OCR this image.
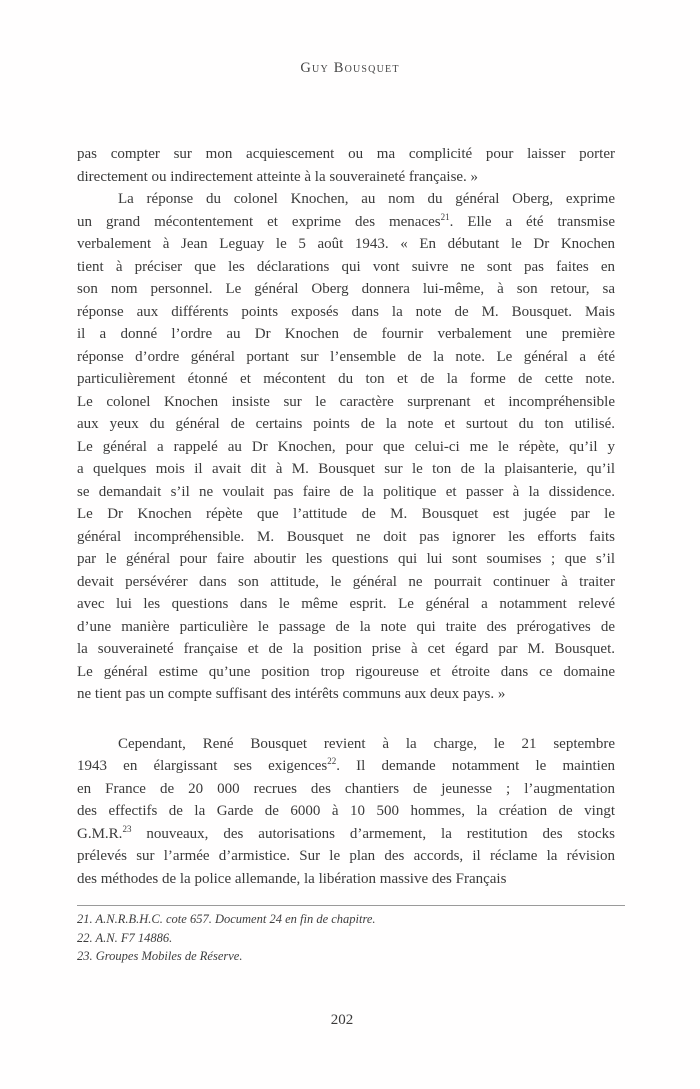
Guy Bousquet
pas compter sur mon acquiescement ou ma complicité pour laisser porter
directement ou indirectement atteinte à la souveraineté française. »
La réponse du colonel Knochen, au nom du général Oberg, exprime
un grand mécontentement et exprime des menaces$^{21}$. Elle a été transmise
verbalement à Jean Leguay le 5 août 1943. « En débutant le Dr Knochen
tient à préciser que les déclarations qui vont suivre ne sont pas faites en
son nom personnel. Le général Oberg donnera lui-même, à son retour, sa
réponse aux différents points exposés dans la note de M. Bousquet. Mais
il a donné l’ordre au Dr Knochen de fournir verbalement une première
réponse d’ordre général portant sur l’ensemble de la note. Le général a été
particulièrement étonné et mécontent du ton et de la forme de cette note.
Le colonel Knochen insiste sur le caractère surprenant et incompréhensible
aux yeux du général de certains points de la note et surtout du ton utilisé.
Le général a rappelé au Dr Knochen, pour que celui-ci me le répète, qu’il y
a quelques mois il avait dit à M. Bousquet sur le ton de la plaisanterie, qu’il
se demandait s’il ne voulait pas faire de la politique et passer à la dissidence.
Le Dr Knochen répète que l’attitude de M. Bousquet est jugée par le
général incompréhensible. M. Bousquet ne doit pas ignorer les efforts faits
par le général pour faire aboutir les questions qui lui sont soumises ; que s’il
devait persévérer dans son attitude, le général ne pourrait continuer à traiter
avec lui les questions dans le même esprit. Le général a notamment relevé
d’une manière particulière le passage de la note qui traite des prérogatives de
la souveraineté française et de la position prise à cet égard par M. Bousquet.
Le général estime qu’une position trop rigoureuse et étroite dans ce domaine
ne tient pas un compte suffisant des intérêts communs aux deux pays. »
Cependant, René Bousquet revient à la charge, le 21 septembre
1943 en élargissant ses exigences$^{22}$. Il demande notamment le maintien
en France de 20 000 recrues des chantiers de jeunesse ; l’augmentation
des effectifs de la Garde de 6000 à 10 500 hommes, la création de vingt
G.M.R.$^{23}$ nouveaux, des autorisations d’armement, la restitution des stocks
prélevés sur l’armée d’armistice. Sur le plan des accords, il réclame la révision
des méthodes de la police allemande, la libération massive des Français
21. A.N.R.B.H.C. cote 657. Document 24 en fin de chapitre.
22. A.N. F7 14886.
23. Groupes Mobiles de Réserve.
202
